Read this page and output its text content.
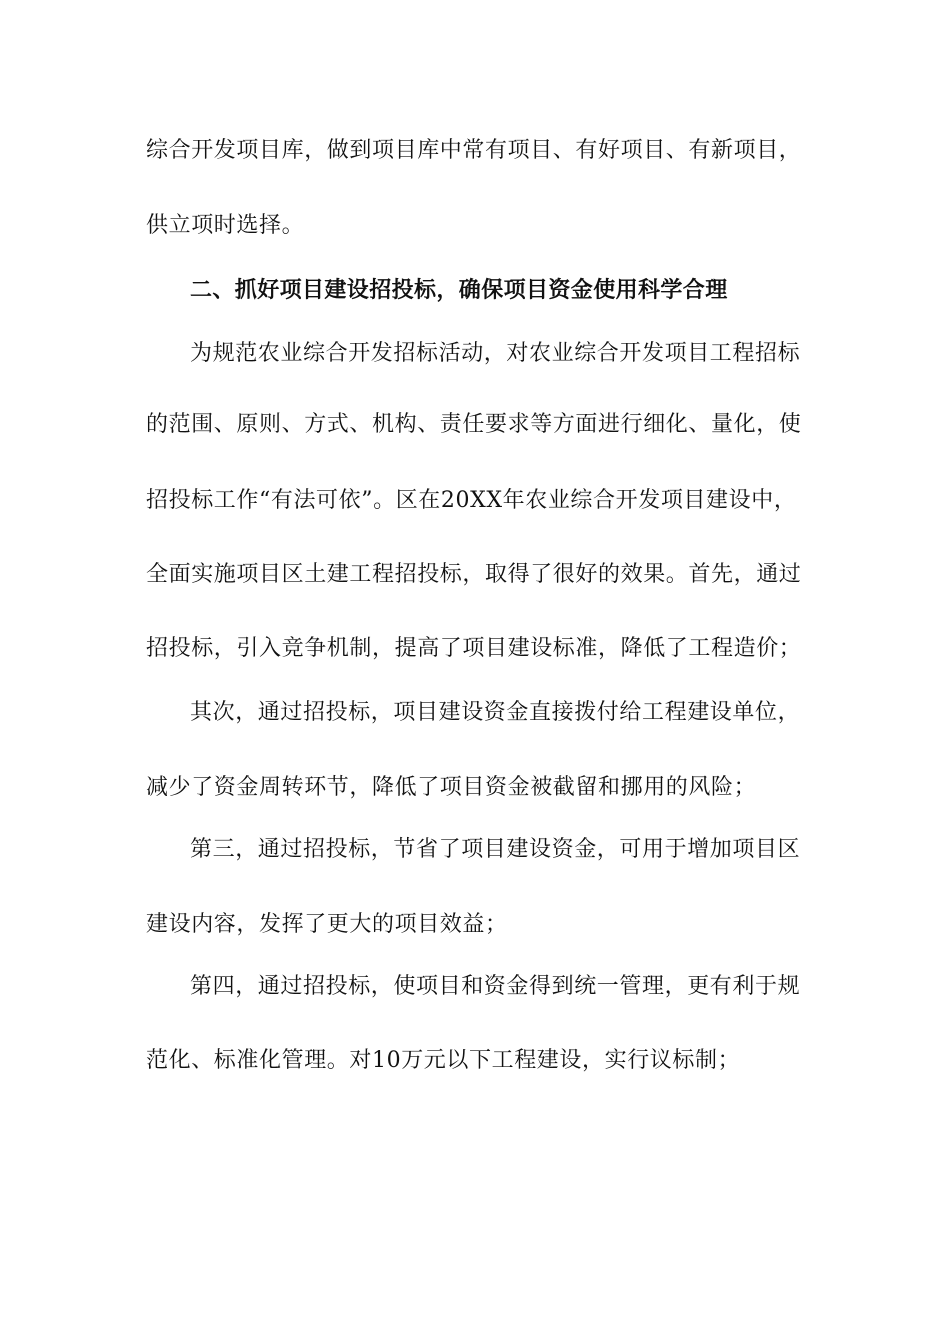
综合开发项目库，做到项目库中常有项目、有好项目、有新项目，
供立项时选择。
二、抓好项目建设招投标，确保项目资金使用科学合理
为规范农业综合开发招标活动，对农业综合开发项目工程招标
的范围、原则、方式、机构、责任要求等方面进行细化、量化，使
招投标工作“有法可依”。区在20XX年农业综合开发项目建设中，
全面实施项目区土建工程招投标，取得了很好的效果。首先，通过
招投标，引入竞争机制，提高了项目建设标准，降低了工程造价；
其次，通过招投标，项目建设资金直接拨付给工程建设单位，
减少了资金周转环节，降低了项目资金被截留和挪用的风险；
第三，通过招投标，节省了项目建设资金，可用于增加项目区
建设内容，发挥了更大的项目效益；
第四，通过招投标，使项目和资金得到统一管理，更有利于规
范化、标准化管理。对10万元以下工程建设，实行议标制；
